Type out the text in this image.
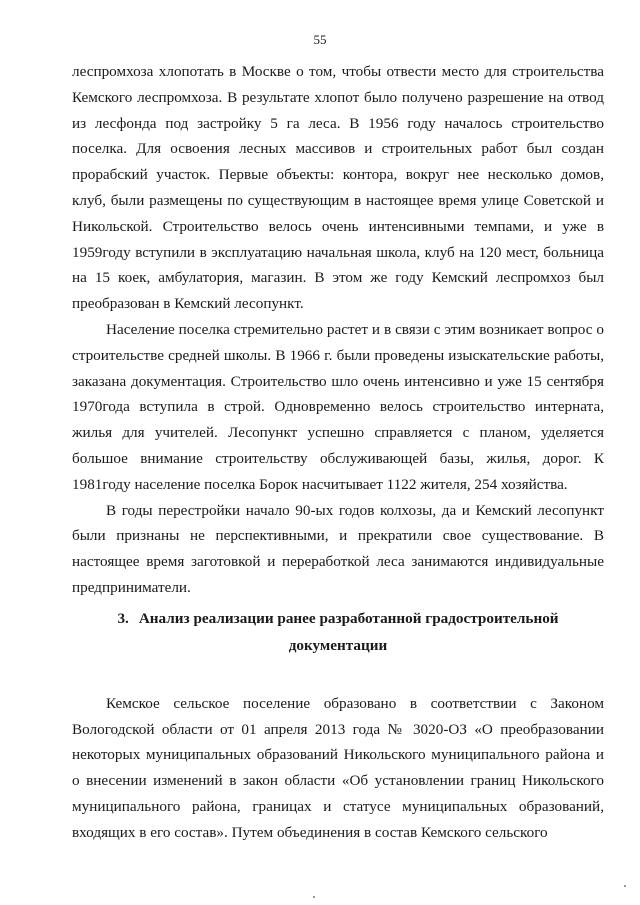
55

леспромхоза хлопотать в Москве о том, чтобы отвести место для строительства Кемского леспромхоза. В результате хлопот было получено разрешение на отвод из лесфонда под застройку 5 га леса. В 1956 году началось строительство поселка. Для освоения лесных массивов и строительных работ был создан прорабский участок. Первые объекты: контора, вокруг нее несколько домов, клуб, были размещены по существующим в настоящее время улице Советской и Никольской. Строительство велось очень интенсивными темпами, и уже в 1959году вступили в эксплуатацию начальная школа, клуб на 120 мест, больница на 15 коек, амбулатория, магазин. В этом же году Кемский леспромхоз был преобразован в Кемский лесопункт.

Население поселка стремительно растет и в связи с этим возникает вопрос о строительстве средней школы. В 1966 г. были проведены изыскательские работы, заказана документация. Строительство шло очень интенсивно и уже 15 сентября 1970года вступила в строй. Одновременно велось строительство интерната, жилья для учителей. Лесопункт успешно справляется с планом, уделяется большое внимание строительству обслуживающей базы, жилья, дорог. К 1981году население поселка Борок насчитывает 1122 жителя, 254 хозяйства.

В годы перестройки начало 90-ых годов колхозы, да и Кемский лесопункт были признаны не перспективными, и прекратили свое существование. В настоящее время заготовкой и переработкой леса занимаются индивидуальные предприниматели.

3. Анализ реализации ранее разработанной градостроительной
документации

Кемское сельское поселение образовано в соответствии с Законом Вологодской области от 01 апреля 2013 года № 3020-ОЗ «О преобразовании некоторых муниципальных образований Никольского муниципального района и о внесении изменений в закон области «Об установлении границ Никольского муниципального района, границах и статусе муниципальных образований, входящих в его состав». Путем объединения в состав Кемского сельского
